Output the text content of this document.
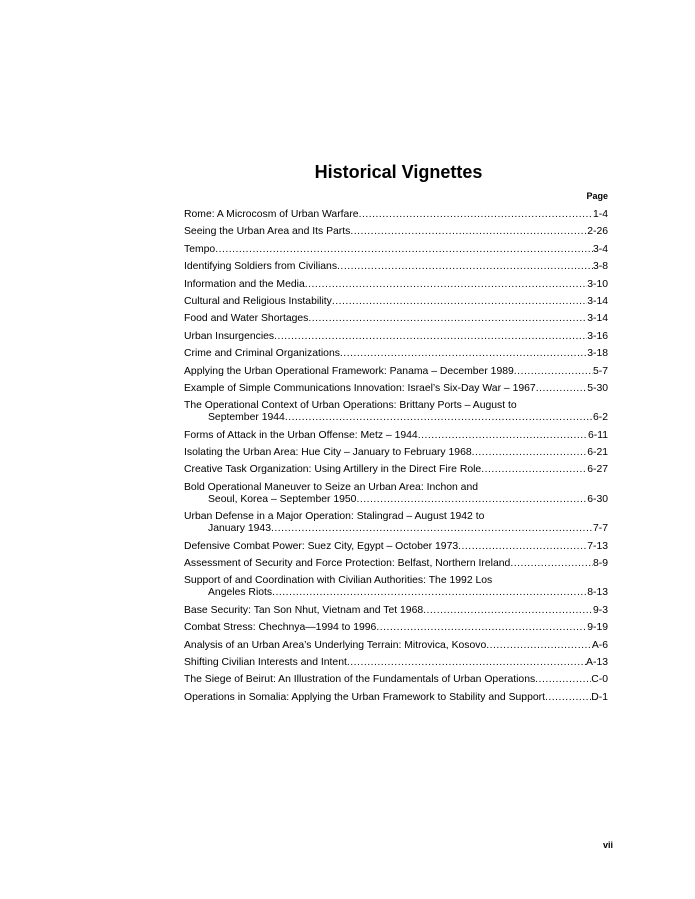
Historical Vignettes
Page
Rome: A Microcosm of Urban Warfare .....	1-4
Seeing the Urban Area and Its Parts .....	2-26
Tempo .....	3-4
Identifying Soldiers from Civilians .....	3-8
Information and the Media .....	3-10
Cultural and Religious Instability .....	3-14
Food and Water Shortages .....	3-14
Urban Insurgencies .....	3-16
Crime and Criminal Organizations .....	3-18
Applying the Urban Operational Framework: Panama – December 1989 .....	5-7
Example of Simple Communications Innovation: Israel’s Six-Day War – 1967 .....	5-30
The Operational Context of Urban Operations: Brittany Ports – August to
September 1944 .....	6-2
Forms of Attack in the Urban Offense: Metz – 1944 .....	6-11
Isolating the Urban Area: Hue City – January to February 1968 .....	6-21
Creative Task Organization: Using Artillery in the Direct Fire Role .....	6-27
Bold Operational Maneuver to Seize an Urban Area: Inchon and
Seoul, Korea – September 1950 .....	6-30
Urban Defense in a Major Operation: Stalingrad – August 1942 to
January 1943 .....	7-7
Defensive Combat Power: Suez City, Egypt – October 1973 .....	7-13
Assessment of Security and Force Protection: Belfast, Northern Ireland .....	8-9
Support of and Coordination with Civilian Authorities: The 1992 Los
Angeles Riots .....	8-13
Base Security: Tan Son Nhut, Vietnam and Tet 1968 .....	9-3
Combat Stress: Chechnya—1994 to 1996 .....	9-19
Analysis of an Urban Area’s Underlying Terrain: Mitrovica, Kosovo .....	A-6
Shifting Civilian Interests and Intent .....	A-13
The Siege of Beirut: An Illustration of the Fundamentals of Urban Operations .....	C-0
Operations in Somalia: Applying the Urban Framework to Stability and Support .....	D-1
vii
